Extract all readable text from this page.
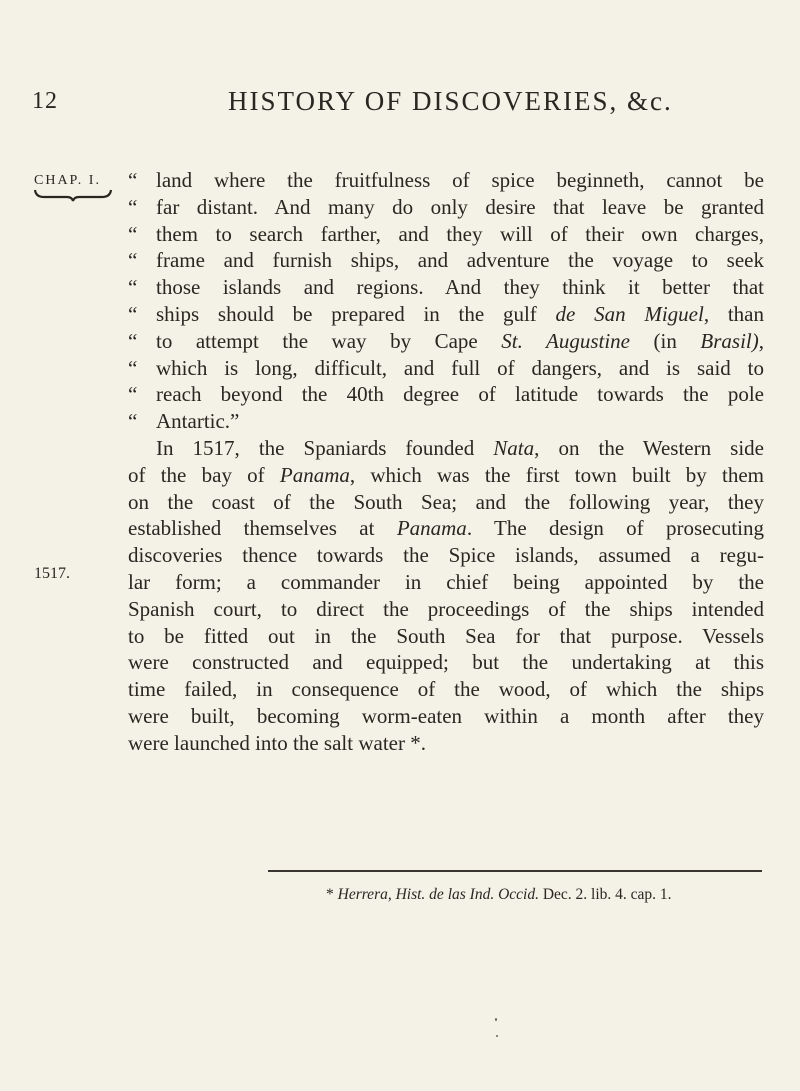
12	HISTORY OF DISCOVERIES, &c.
CHAP. I.
1517.
“ land where the fruitfulness of spice beginneth, cannot be
“ far distant. And many do only desire that leave be granted
“ them to search farther, and they will of their own charges,
“ frame and furnish ships, and adventure the voyage to seek
“ those islands and regions. And they think it better that
“ ships should be prepared in the gulf de San Miguel, than
“ to attempt the way by Cape St. Augustine (in Brasil),
“ which is long, difficult, and full of dangers, and is said to
“ reach beyond the 40th degree of latitude towards the pole
“ Antartic.”
In 1517, the Spaniards founded Nata, on the Western side
of the bay of Panama, which was the first town built by them
on the coast of the South Sea; and the following year, they
established themselves at Panama. The design of prosecuting
discoveries thence towards the Spice islands, assumed a regu-
lar form; a commander in chief being appointed by the
Spanish court, to direct the proceedings of the ships intended
to be fitted out in the South Sea for that purpose. Vessels
were constructed and equipped; but the undertaking at this
time failed, in consequence of the wood, of which the ships
were built, becoming worm-eaten within a month after they
were launched into the salt water *.
* Herrera, Hist. de las Ind. Occid. Dec. 2. lib. 4. cap. 1.
